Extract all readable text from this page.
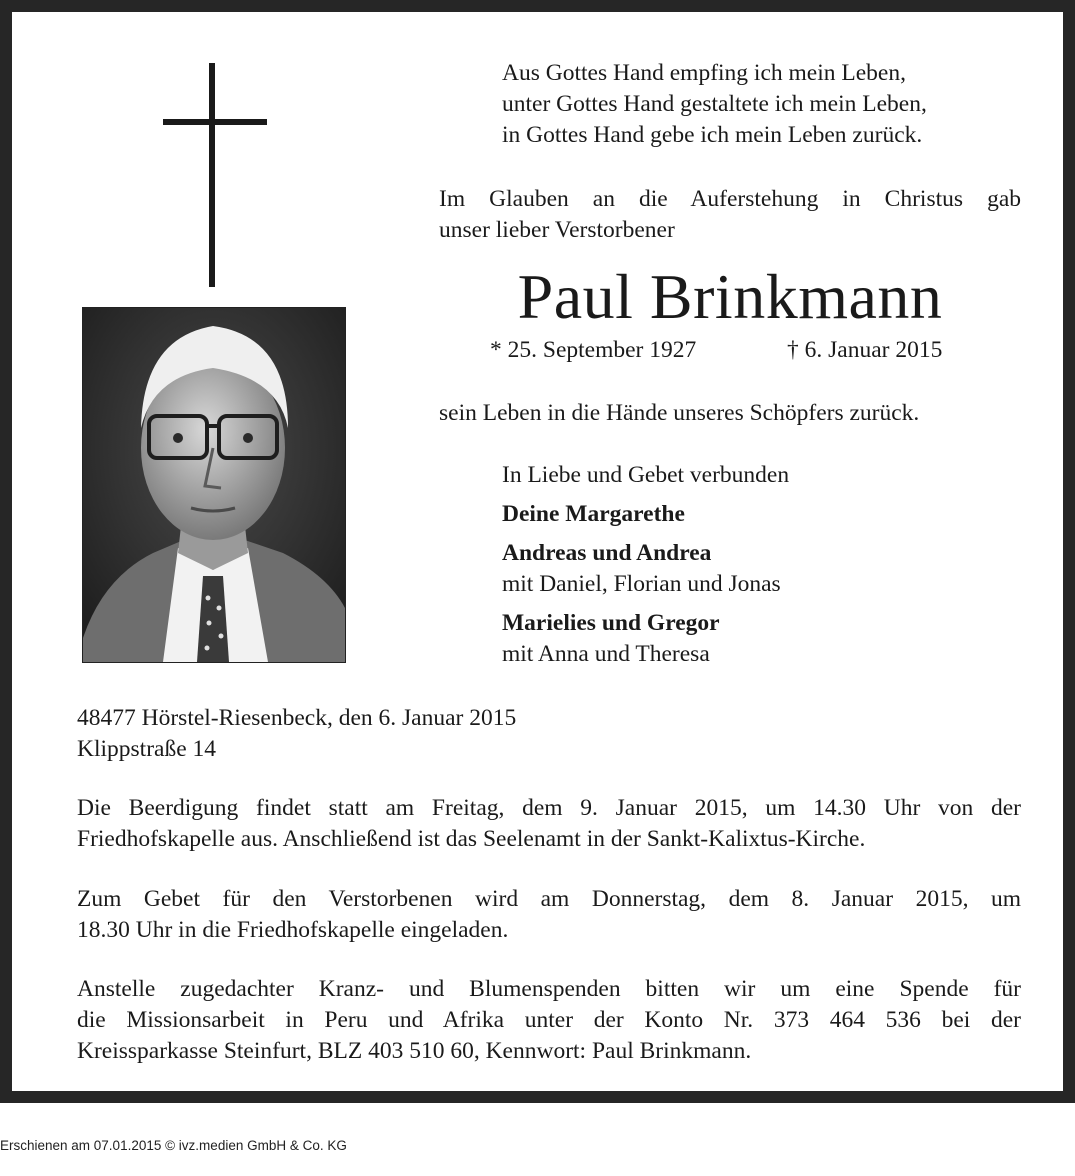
Aus Gottes Hand empfing ich mein Leben,
unter Gottes Hand gestaltete ich mein Leben,
in Gottes Hand gebe ich mein Leben zurück.
Im Glauben an die Auferstehung in Christus gab
unser lieber Verstorbener
Paul Brinkmann
* 25. September 1927	† 6. Januar 2015
sein Leben in die Hände unseres Schöpfers zurück.
In Liebe und Gebet verbunden
Deine Margarethe
Andreas und Andrea
mit Daniel, Florian und Jonas
Marielies und Gregor
mit Anna und Theresa
48477 Hörstel-Riesenbeck, den 6. Januar 2015
Klippstraße 14
Die Beerdigung findet statt am Freitag, dem 9. Januar 2015, um 14.30 Uhr von der
Friedhofskapelle aus. Anschließend ist das Seelenamt in der Sankt-Kalixtus-Kirche.
Zum Gebet für den Verstorbenen wird am Donnerstag, dem 8. Januar 2015, um
18.30 Uhr in die Friedhofskapelle eingeladen.
Anstelle zugedachter Kranz- und Blumenspenden bitten wir um eine Spende für
die Missionsarbeit in Peru und Afrika unter der Konto Nr. 373 464 536 bei der
Kreissparkasse Steinfurt, BLZ 403 510 60, Kennwort: Paul Brinkmann.
Erschienen am 07.01.2015 © ivz.medien GmbH & Co. KG
